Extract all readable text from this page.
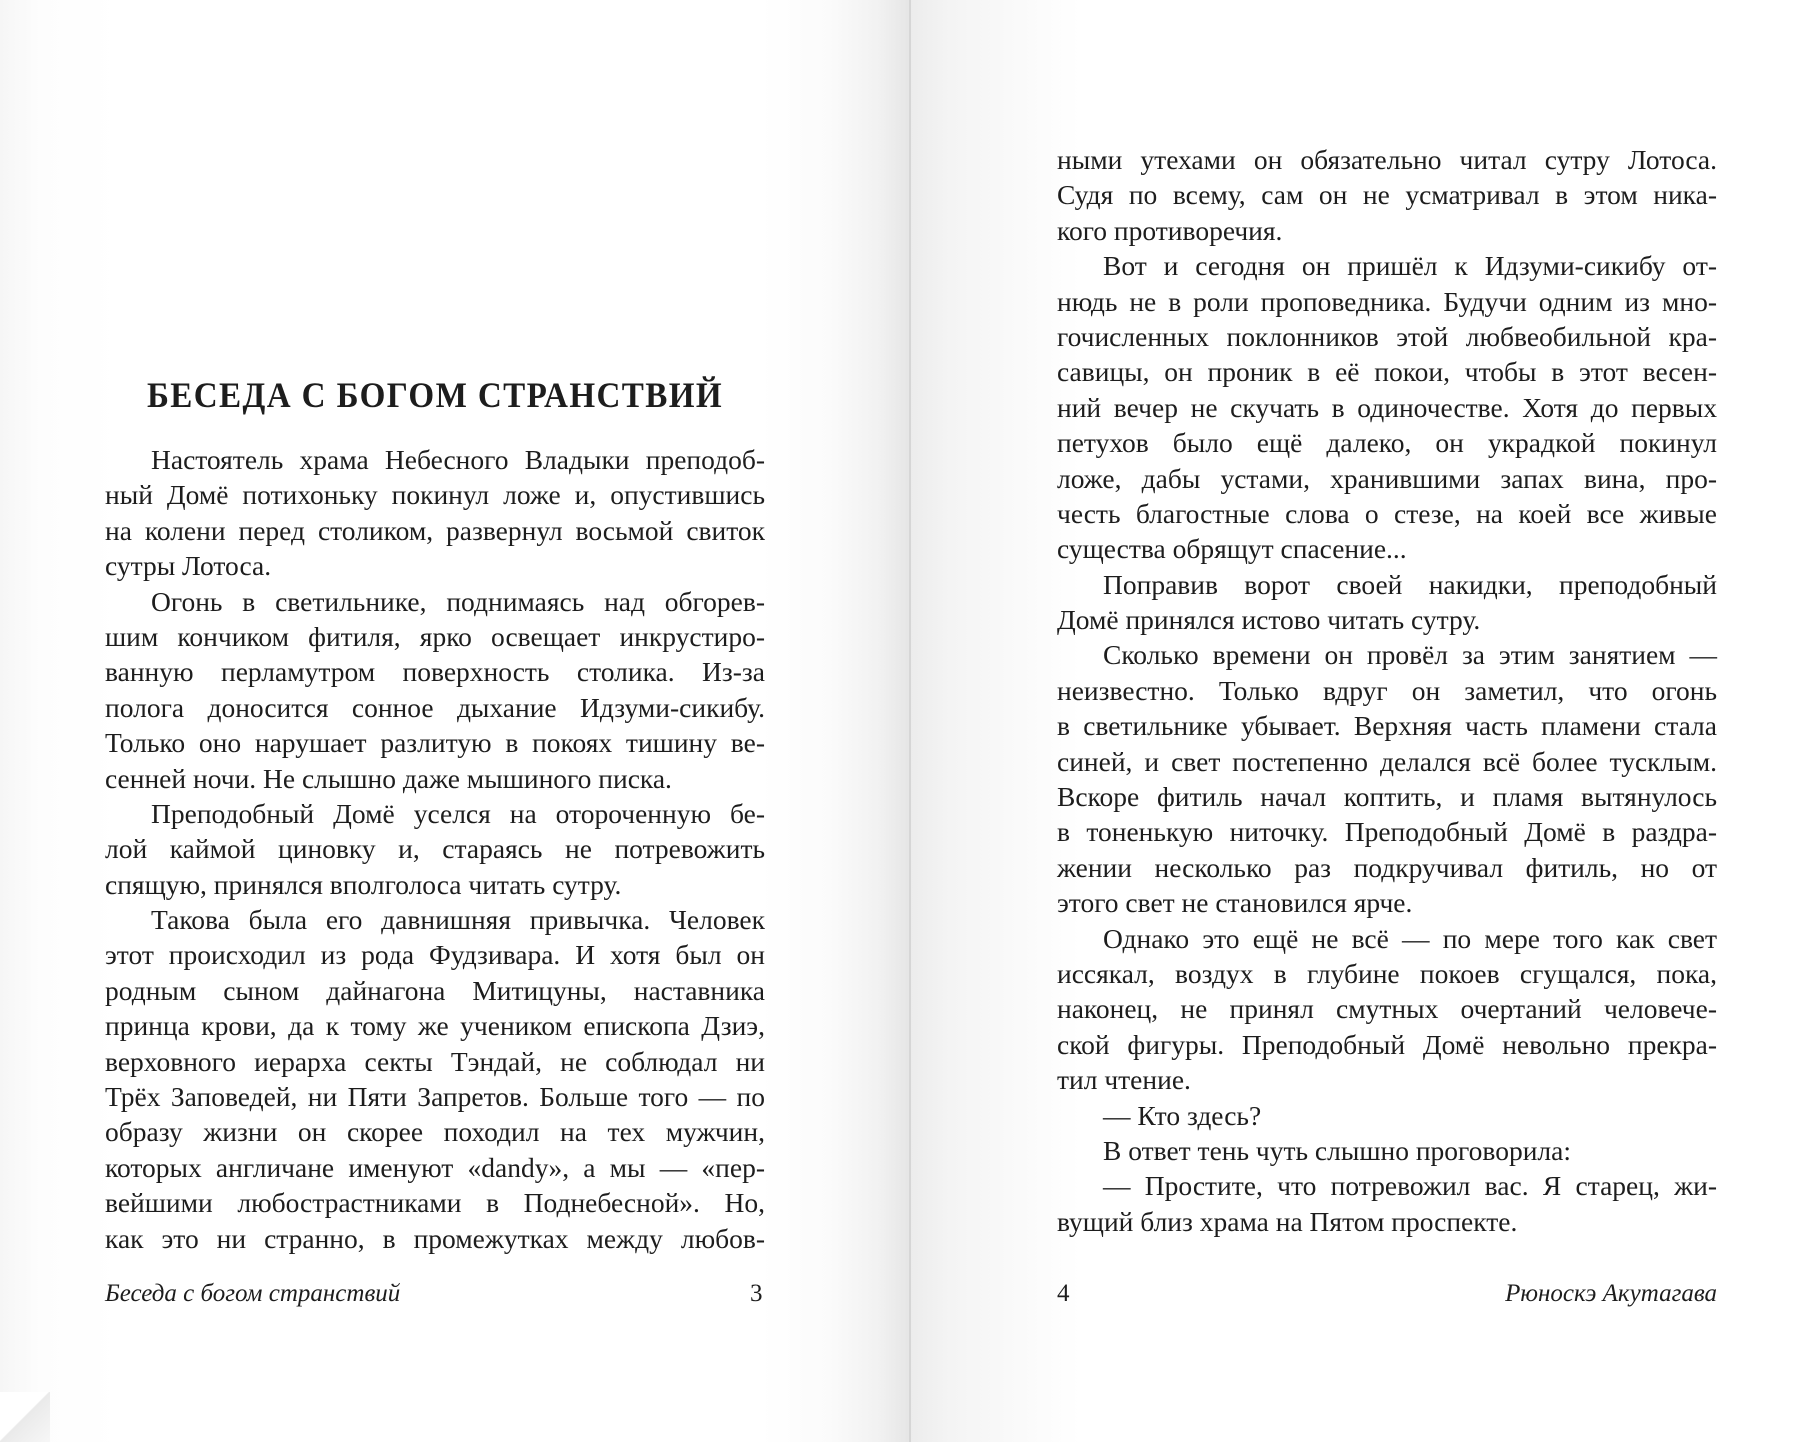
БЕСЕДА С БОГОМ СТРАНСТВИЙ
Настоятель храма Небесного Владыки преподоб-
ный Домё потихоньку покинул ложе и, опустившись
на колени перед столиком, развернул восьмой свиток
сутры Лотоса.
Огонь в светильнике, поднимаясь над обгорев-
шим кончиком фитиля, ярко освещает инкрустиро-
ванную перламутром поверхность столика. Из-за
полога доносится сонное дыхание Идзуми-сикибу.
Только оно нарушает разлитую в покоях тишину ве-
сенней ночи. Не слышно даже мышиного писка.
Преподобный Домё уселся на отороченную бе-
лой каймой циновку и, стараясь не потревожить
спящую, принялся вполголоса читать сутру.
Такова была его давнишняя привычка. Человек
этот происходил из рода Фудзивара. И хотя был он
родным сыном дайнагона Митицуны, наставника
принца крови, да к тому же учеником епископа Дзиэ,
верховного иерарха секты Тэндай, не соблюдал ни
Трёх Заповедей, ни Пяти Запретов. Больше того — по
образу жизни он скорее походил на тех мужчин,
которых англичане именуют «dandy», а мы — «пер-
вейшими любострастниками в Поднебесной». Но,
как это ни странно, в промежутках между любов-
ными утехами он обязательно читал сутру Лотоса.
Судя по всему, сам он не усматривал в этом ника-
кого противоречия.
Вот и сегодня он пришёл к Идзуми-сикибу от-
нюдь не в роли проповедника. Будучи одним из мно-
гочисленных поклонников этой любвеобильной кра-
савицы, он проник в её покои, чтобы в этот весен-
ний вечер не скучать в одиночестве. Хотя до первых
петухов было ещё далеко, он украдкой покинул
ложе, дабы устами, хранившими запах вина, про-
честь благостные слова о стезе, на коей все живые
существа обрящут спасение...
Поправив ворот своей накидки, преподобный
Домё принялся истово читать сутру.
Сколько времени он провёл за этим занятием —
неизвестно. Только вдруг он заметил, что огонь
в светильнике убывает. Верхняя часть пламени стала
синей, и свет постепенно делался всё более тусклым.
Вскоре фитиль начал коптить, и пламя вытянулось
в тоненькую ниточку. Преподобный Домё в раздра-
жении несколько раз подкручивал фитиль, но от
этого свет не становился ярче.
Однако это ещё не всё — по мере того как свет
иссякал, воздух в глубине покоев сгущался, пока,
наконец, не принял смутных очертаний человече-
ской фигуры. Преподобный Домё невольно прекра-
тил чтение.
— Кто здесь?
В ответ тень чуть слышно проговорила:
— Простите, что потревожил вас. Я старец, жи-
вущий близ храма на Пятом проспекте.
Беседа с богом странствий	3	4	Рюноскэ Акутагава
